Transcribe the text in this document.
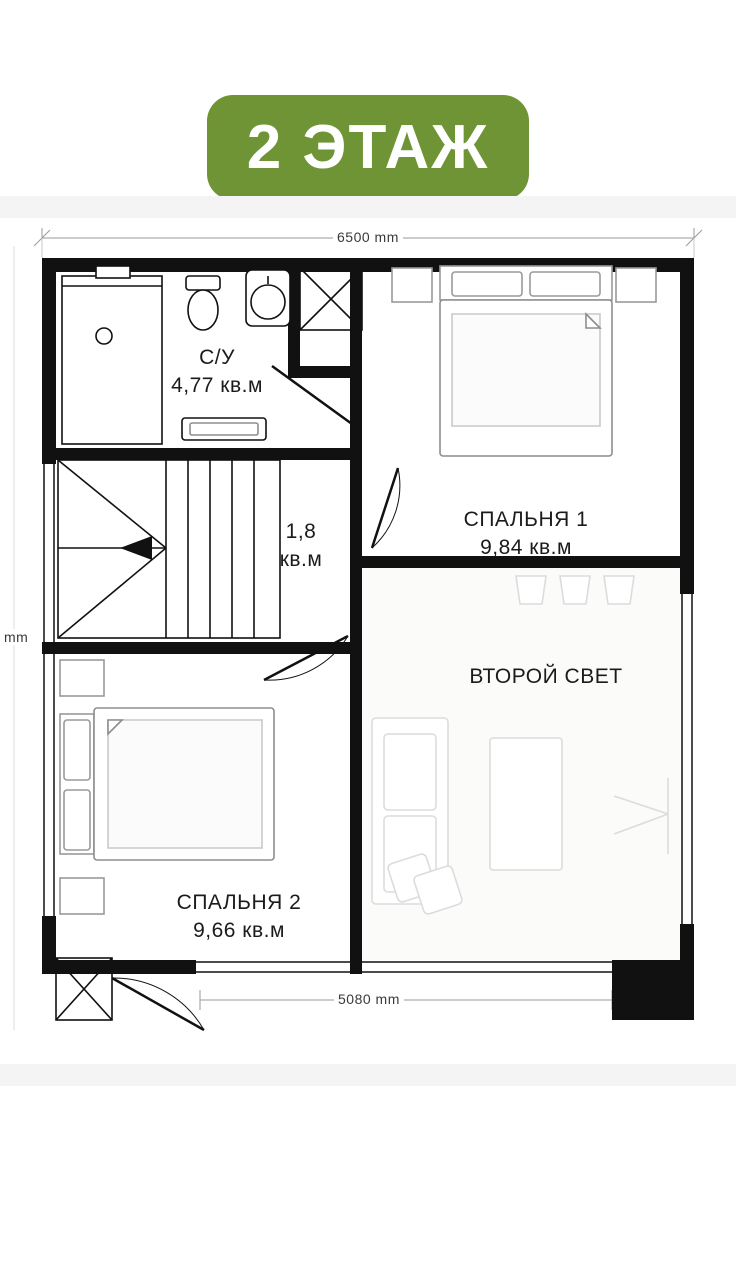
2 ЭТАЖ
С/У
4,77 кв.м
1,8
кв.м
СПАЛЬНЯ 1
9,84 кв.м
СПАЛЬНЯ 2
9,66 кв.м
ВТОРОЙ СВЕТ
6500 mm
5080 mm
mm
